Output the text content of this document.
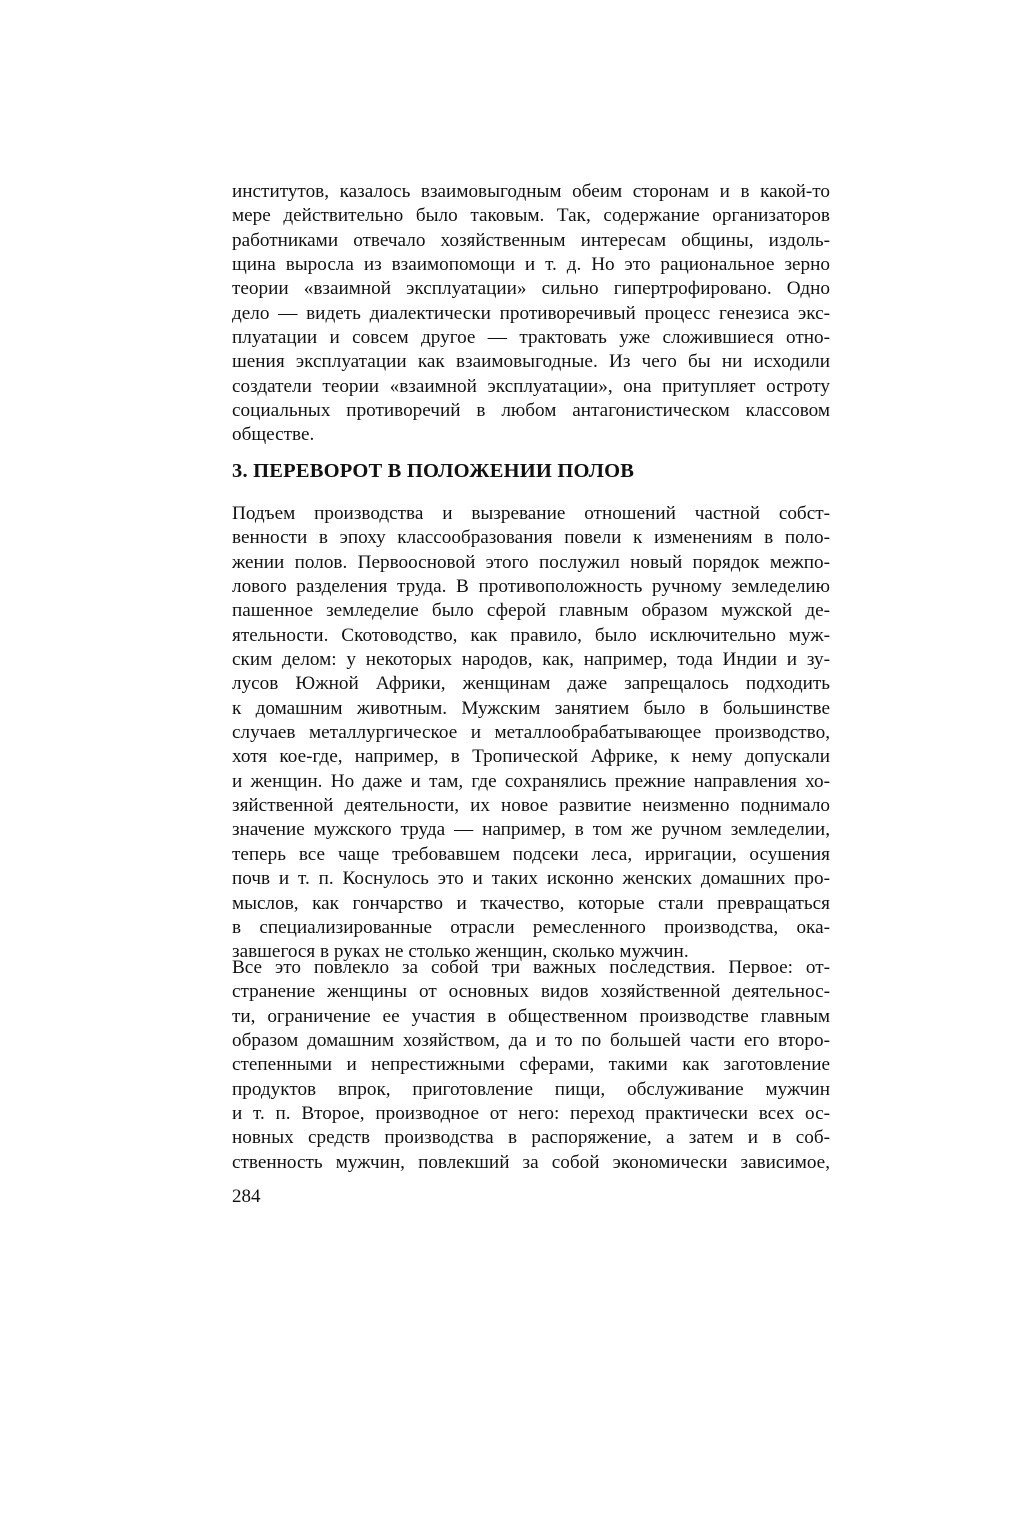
институтов, казалось взаимовыгодным обеим сторонам и в какой-то
мере действительно было таковым. Так, содержание организаторов
работниками отвечало хозяйственным интересам общины, издоль-
щина выросла из взаимопомощи и т. д. Но это рациональное зерно
теории «взаимной эксплуатации» сильно гипертрофировано. Одно
дело — видеть диалектически противоречивый процесс генезиса экс-
плуатации и совсем другое — трактовать уже сложившиеся отно-
шения эксплуатации как взаимовыгодные. Из чего бы ни исходили
создатели теории «взаимной эксплуатации», она притупляет остроту
социальных противоречий в любом антагонистическом классовом
обществе.
3. ПЕРЕВОРОТ В ПОЛОЖЕНИИ ПОЛОВ
Подъем производства и вызревание отношений частной собст-
венности в эпоху классообразования повели к изменениям в поло-
жении полов. Первоосновой этого послужил новый порядок межпо-
лового разделения труда. В противоположность ручному земледелию
пашенное земледелие было сферой главным образом мужской де-
ятельности. Скотоводство, как правило, было исключительно муж-
ским делом: у некоторых народов, как, например, тода Индии и зу-
лусов Южной Африки, женщинам даже запрещалось подходить
к домашним животным. Мужским занятием было в большинстве
случаев металлургическое и металлообрабатывающее производство,
хотя кое-где, например, в Тропической Африке, к нему допускали
и женщин. Но даже и там, где сохранялись прежние направления хо-
зяйственной деятельности, их новое развитие неизменно поднимало
значение мужского труда — например, в том же ручном земледелии,
теперь все чаще требовавшем подсеки леса, ирригации, осушения
почв и т. п. Коснулось это и таких исконно женских домашних про-
мыслов, как гончарство и ткачество, которые стали превращаться
в специализированные отрасли ремесленного производства, ока-
завшегося в руках не столько женщин, сколько мужчин.
Все это повлекло за собой три важных последствия. Первое: от-
странение женщины от основных видов хозяйственной деятельнос-
ти, ограничение ее участия в общественном производстве главным
образом домашним хозяйством, да и то по большей части его второ-
степенными и непрестижными сферами, такими как заготовление
продуктов впрок, приготовление пищи, обслуживание мужчин
и т. п. Второе, производное от него: переход практически всех ос-
новных средств производства в распоряжение, а затем и в соб-
ственность мужчин, повлекший за собой экономически зависимое,

284
